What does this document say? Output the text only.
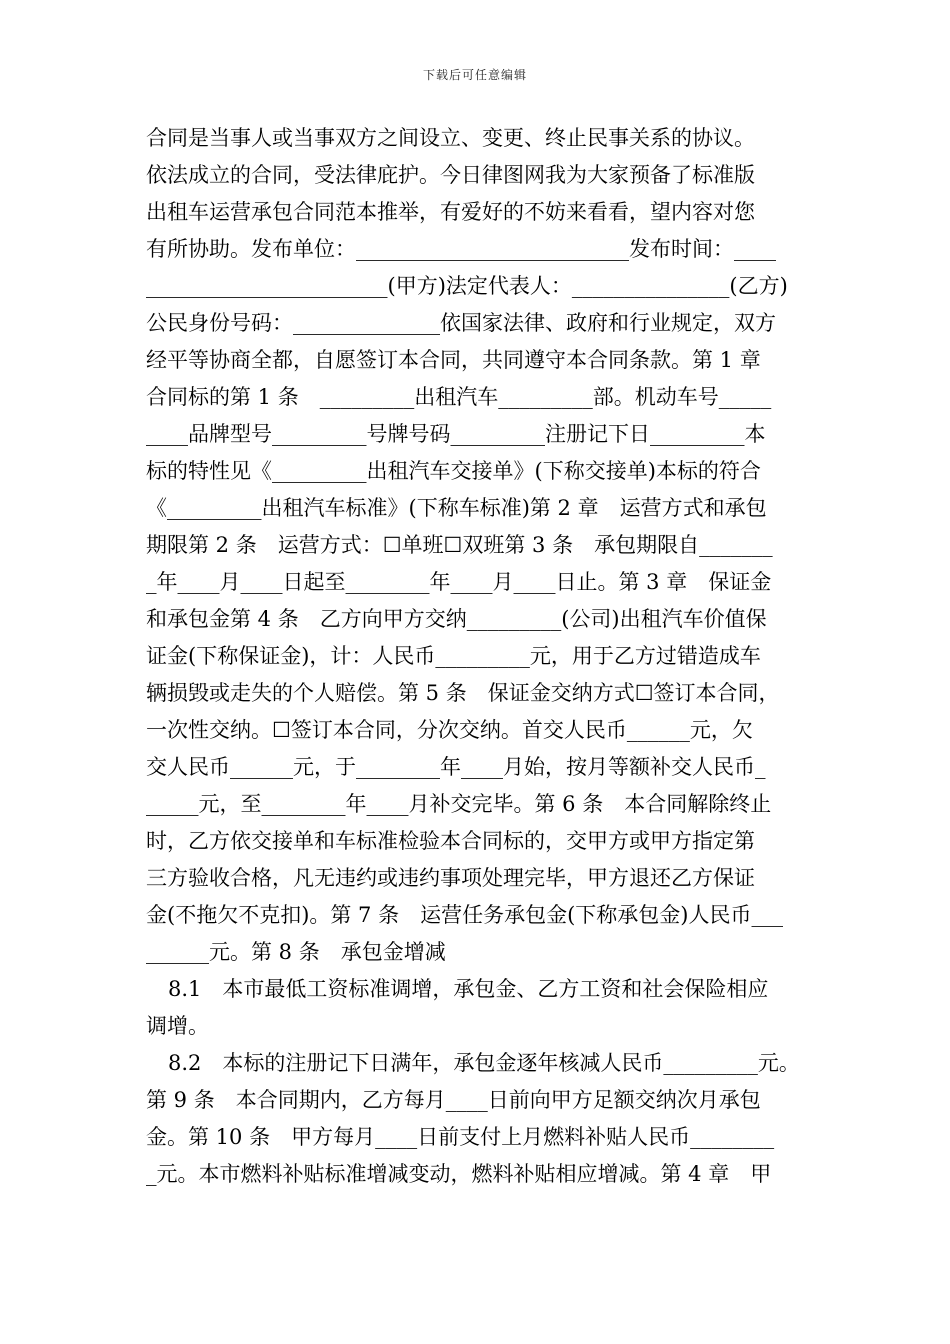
下载后可任意编辑
合同是当事人或当事双方之间设立、变更、终止民事关系的协议。
依法成立的合同，受法律庇护。今日律图网我为大家预备了标准版
出租车运营承包合同范本推举，有爱好的不妨来看看，望内容对您
有所协助。发布单位：__________________________发布时间：____
_______________________(甲方)法定代表人：_______________(乙方)
公民身份号码：______________依国家法律、政府和行业规定，双方
经平等协商全都，自愿签订本合同，共同遵守本合同条款。第 1 章
合同标的第 1 条　_________出租汽车_________部。机动车号_____
____品牌型号_________号牌号码_________注册记下日_________本
标的特性见《_________出租汽车交接单》(下称交接单)本标的符合
《_________出租汽车标准》(下称车标准)第 2 章　运营方式和承包
期限第 2 条　运营方式：☐单班☐双班第 3 条　承包期限自_______
_年____月____日起至________年____月____日止。第 3 章　保证金
和承包金第 4 条　乙方向甲方交纳_________(公司)出租汽车价值保
证金(下称保证金)，计：人民币_________元，用于乙方过错造成车
辆损毁或走失的个人赔偿。第 5 条　保证金交纳方式☐签订本合同，
一次性交纳。☐签订本合同，分次交纳。首交人民币______元，欠
交人民币______元，于________年____月始，按月等额补交人民币_
_____元，至________年____月补交完毕。第 6 条　本合同解除终止
时，乙方依交接单和车标准检验本合同标的，交甲方或甲方指定第
三方验收合格，凡无违约或违约事项处理完毕，甲方退还乙方保证
金(不拖欠不克扣)。第 7 条　运营任务承包金(下称承包金)人民币___
______元。第 8 条　承包金增减
8.1　本市最低工资标准调增，承包金、乙方工资和社会保险相应
调增。
8.2　本标的注册记下日满年，承包金逐年核减人民币_________元。
第 9 条　本合同期内，乙方每月____日前向甲方足额交纳次月承包
金。第 10 条　甲方每月____日前支付上月燃料补贴人民币________
_元。本市燃料补贴标准增减变动，燃料补贴相应增减。第 4 章　甲
